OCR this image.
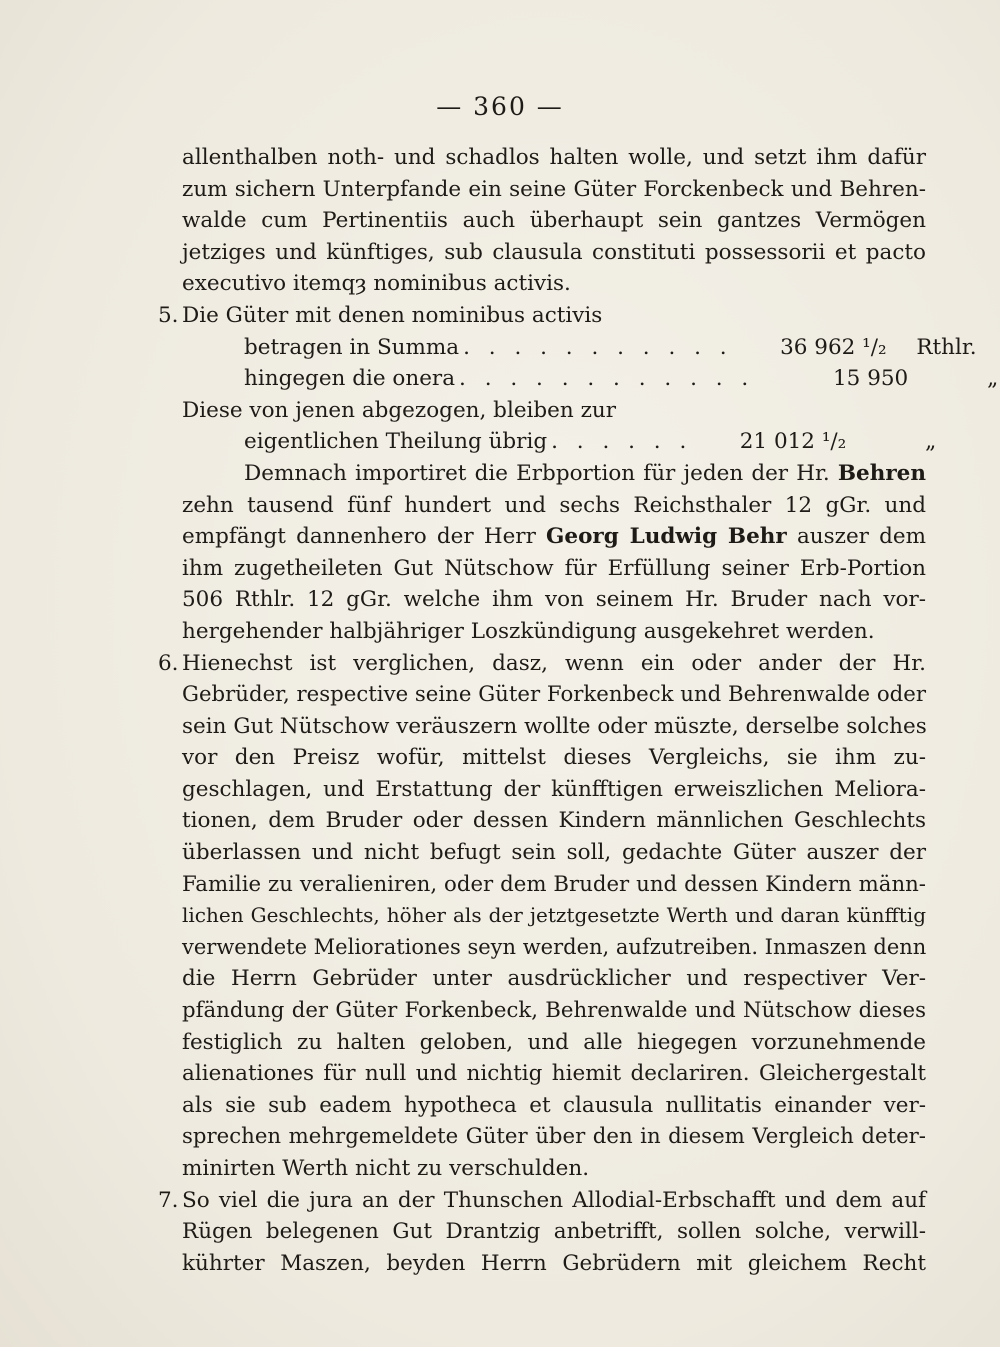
— 360 —
allenthalben noth- und schadlos halten wolle, und setzt ihm dafür
zum sichern Unterpfande ein seine Güter Forckenbeck und Behren-
walde cum Pertinentiis auch überhaupt sein gantzes Vermögen
jetziges und künftiges, sub clausula constituti possessorii et pacto
executivo itemqȝ nominibus activis.
5. Die Güter mit denen nominibus activis
betragen in Summa . . . . . . . . . . .	36 962 ¹/₂	Rthlr.
hingegen die onera . . . . . . . . . . . .	15 950	„
Diese von jenen abgezogen, bleiben zur
eigentlichen Theilung übrig . . . . . .	21 012 ¹/₂	„
Demnach importiret die Erbportion für jeden der Hr. Behren
zehn tausend fünf hundert und sechs Reichsthaler 12 gGr. und
empfängt dannenhero der Herr Georg Ludwig Behr auszer dem
ihm zugetheileten Gut Nütschow für Erfüllung seiner Erb-Portion
506 Rthlr. 12 gGr. welche ihm von seinem Hr. Bruder nach vor-
hergehender halbjähriger Loszkündigung ausgekehret werden.
6. Hienechst ist verglichen, dasz, wenn ein oder ander der Hr.
Gebrüder, respective seine Güter Forkenbeck und Behrenwalde oder
sein Gut Nütschow veräuszern wollte oder müszte, derselbe solches
vor den Preisz wofür, mittelst dieses Vergleichs, sie ihm zu-
geschlagen, und Erstattung der künfftigen erweiszlichen Meliora-
tionen, dem Bruder oder dessen Kindern männlichen Geschlechts
überlassen und nicht befugt sein soll, gedachte Güter auszer der
Familie zu veralieniren, oder dem Bruder und dessen Kindern männ-
lichen Geschlechts, höher als der jetztgesetzte Werth und daran künfftig
verwendete Meliorationes seyn werden, aufzutreiben. Inmaszen denn
die Herrn Gebrüder unter ausdrücklicher und respectiver Ver-
pfändung der Güter Forkenbeck, Behrenwalde und Nütschow dieses
festiglich zu halten geloben, und alle hiegegen vorzunehmende
alienationes für null und nichtig hiemit declariren. Gleichergestalt
als sie sub eadem hypotheca et clausula nullitatis einander ver-
sprechen mehrgemeldete Güter über den in diesem Vergleich deter-
minirten Werth nicht zu verschulden.
7. So viel die jura an der Thunschen Allodial-Erbschafft und dem auf
Rügen belegenen Gut Drantzig anbetrifft, sollen solche, verwill-
kührter Maszen, beyden Herrn Gebrüdern mit gleichem Recht
